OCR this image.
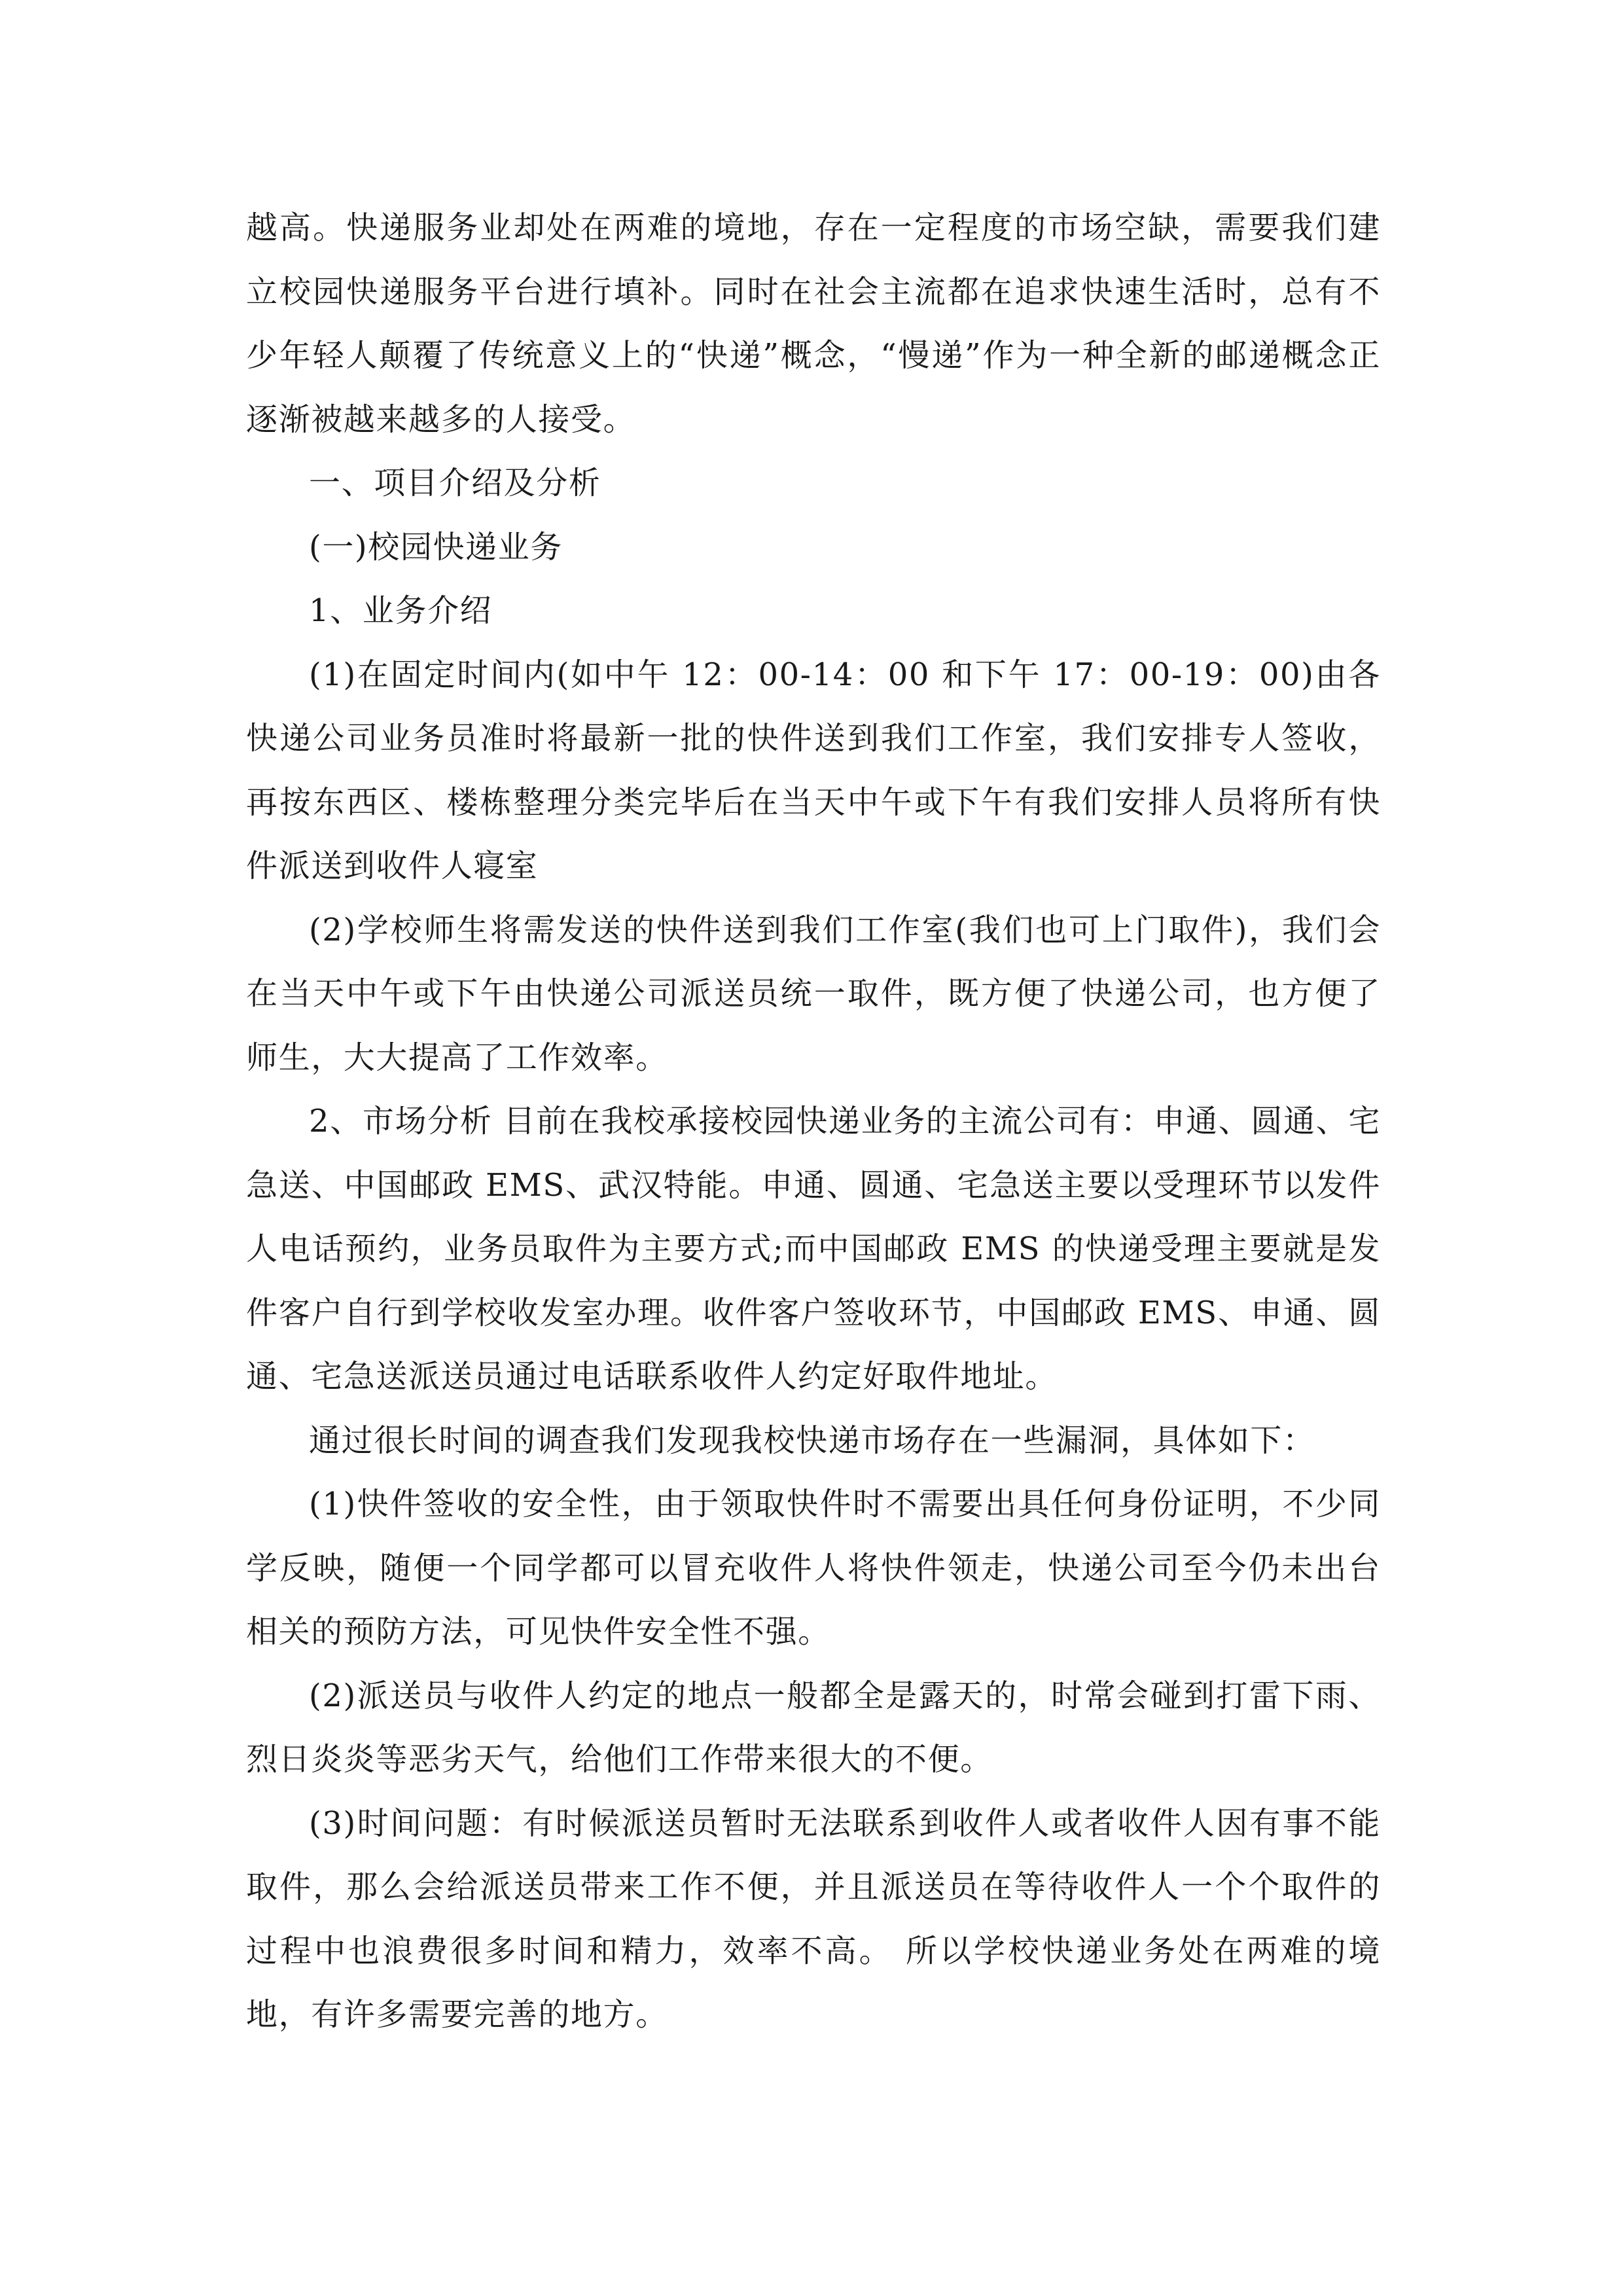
越高。快递服务业却处在两难的境地，存在一定程度的市场空缺，需要我们建立校园快递服务平台进行填补。同时在社会主流都在追求快速生活时，总有不少年轻人颠覆了传统意义上的“快递”概念，“慢递”作为一种全新的邮递概念正逐渐被越来越多的人接受。

一、项目介绍及分析

(一)校园快递业务

1、业务介绍

(1)在固定时间内(如中午 12：00-14：00 和下午 17：00-19：00)由各快递公司业务员准时将最新一批的快件送到我们工作室，我们安排专人签收，再按东西区、楼栋整理分类完毕后在当天中午或下午有我们安排人员将所有快件派送到收件人寝室

(2)学校师生将需发送的快件送到我们工作室(我们也可上门取件)，我们会在当天中午或下午由快递公司派送员统一取件，既方便了快递公司，也方便了师生，大大提高了工作效率。

2、市场分析 目前在我校承接校园快递业务的主流公司有：申通、圆通、宅急送、中国邮政 EMS、武汉特能。申通、圆通、宅急送主要以受理环节以发件人电话预约，业务员取件为主要方式;而中国邮政 EMS 的快递受理主要就是发件客户自行到学校收发室办理。收件客户签收环节，中国邮政 EMS、申通、圆通、宅急送派送员通过电话联系收件人约定好取件地址。

通过很长时间的调查我们发现我校快递市场存在一些漏洞，具体如下：

(1)快件签收的安全性，由于领取快件时不需要出具任何身份证明，不少同学反映，随便一个同学都可以冒充收件人将快件领走，快递公司至今仍未出台相关的预防方法，可见快件安全性不强。

(2)派送员与收件人约定的地点一般都全是露天的，时常会碰到打雷下雨、烈日炎炎等恶劣天气，给他们工作带来很大的不便。

(3)时间问题：有时候派送员暂时无法联系到收件人或者收件人因有事不能取件，那么会给派送员带来工作不便，并且派送员在等待收件人一个个取件的过程中也浪费很多时间和精力，效率不高。 所以学校快递业务处在两难的境地，有许多需要完善的地方。
